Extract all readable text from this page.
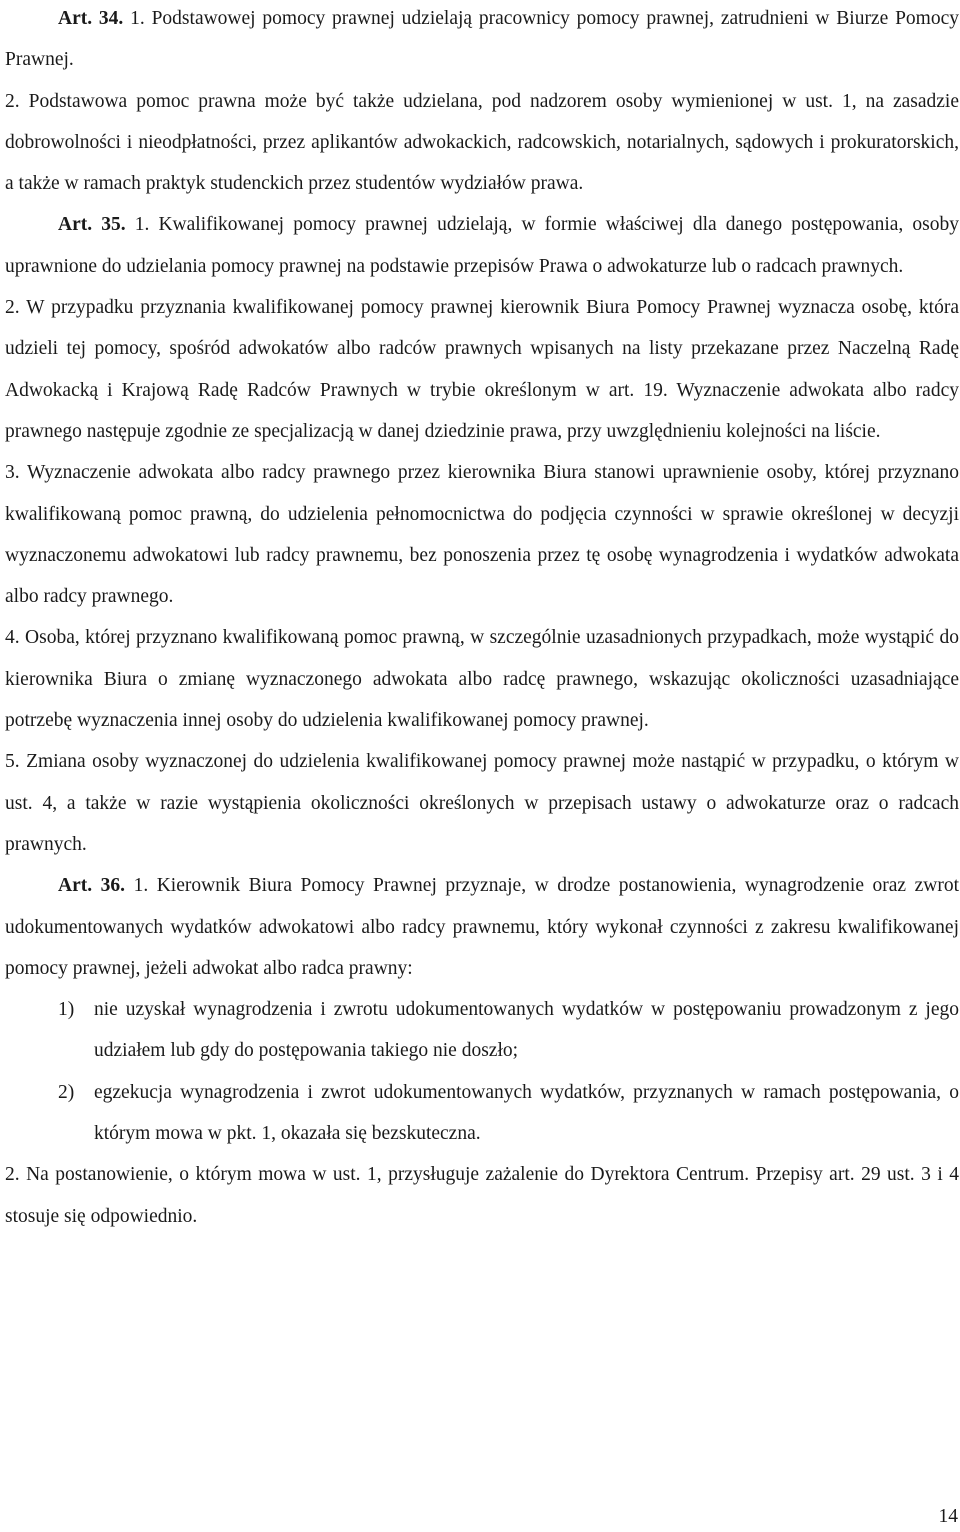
Art. 34. 1. Podstawowej pomocy prawnej udzielają pracownicy pomocy prawnej, zatrudnieni w Biurze Pomocy Prawnej.

2. Podstawowa pomoc prawna może być także udzielana, pod nadzorem osoby wymienionej w ust. 1, na zasadzie dobrowolności i nieodpłatności, przez aplikantów adwokackich, radcowskich, notarialnych, sądowych i prokuratorskich, a także w ramach praktyk studenckich przez studentów wydziałów prawa.

Art. 35. 1. Kwalifikowanej pomocy prawnej udzielają, w formie właściwej dla danego postępowania, osoby uprawnione do udzielania pomocy prawnej na podstawie przepisów Prawa o adwokaturze lub o radcach prawnych.

2. W przypadku przyznania kwalifikowanej pomocy prawnej kierownik Biura Pomocy Prawnej wyznacza osobę, która udzieli tej pomocy, spośród adwokatów albo radców prawnych wpisanych na listy przekazane przez Naczelną Radę Adwokacką i Krajową Radę Radców Prawnych w trybie określonym w art. 19. Wyznaczenie adwokata albo radcy prawnego następuje zgodnie ze specjalizacją w danej dziedzinie prawa, przy uwzględnieniu kolejności na liście.

3. Wyznaczenie adwokata albo radcy prawnego przez kierownika Biura stanowi uprawnienie osoby, której przyznano kwalifikowaną pomoc prawną, do udzielenia pełnomocnictwa do podjęcia czynności w sprawie określonej w decyzji wyznaczonemu adwokatowi lub radcy prawnemu, bez ponoszenia przez tę osobę wynagrodzenia i wydatków adwokata albo radcy prawnego.

4. Osoba, której przyznano kwalifikowaną pomoc prawną, w szczególnie uzasadnionych przypadkach, może wystąpić do kierownika Biura o zmianę wyznaczonego adwokata albo radcę prawnego, wskazując okoliczności uzasadniające potrzebę wyznaczenia innej osoby do udzielenia kwalifikowanej pomocy prawnej.

5. Zmiana osoby wyznaczonej do udzielenia kwalifikowanej pomocy prawnej może nastąpić w przypadku, o którym w ust. 4, a także w razie wystąpienia okoliczności określonych w przepisach ustawy o adwokaturze oraz o radcach prawnych.

Art. 36. 1. Kierownik Biura Pomocy Prawnej przyznaje, w drodze postanowienia, wynagrodzenie oraz zwrot udokumentowanych wydatków adwokatowi albo radcy prawnemu, który wykonał czynności z zakresu kwalifikowanej pomocy prawnej, jeżeli adwokat albo radca prawny:

1) nie uzyskał wynagrodzenia i zwrotu udokumentowanych wydatków w postępowaniu prowadzonym z jego udziałem lub gdy do postępowania takiego nie doszło;

2) egzekucja wynagrodzenia i zwrot udokumentowanych wydatków, przyznanych w ramach postępowania, o którym mowa w pkt. 1, okazała się bezskuteczna.

2. Na postanowienie, o którym mowa w ust. 1, przysługuje zażalenie do Dyrektora Centrum. Przepisy art. 29 ust. 3 i 4 stosuje się odpowiednio.

14
